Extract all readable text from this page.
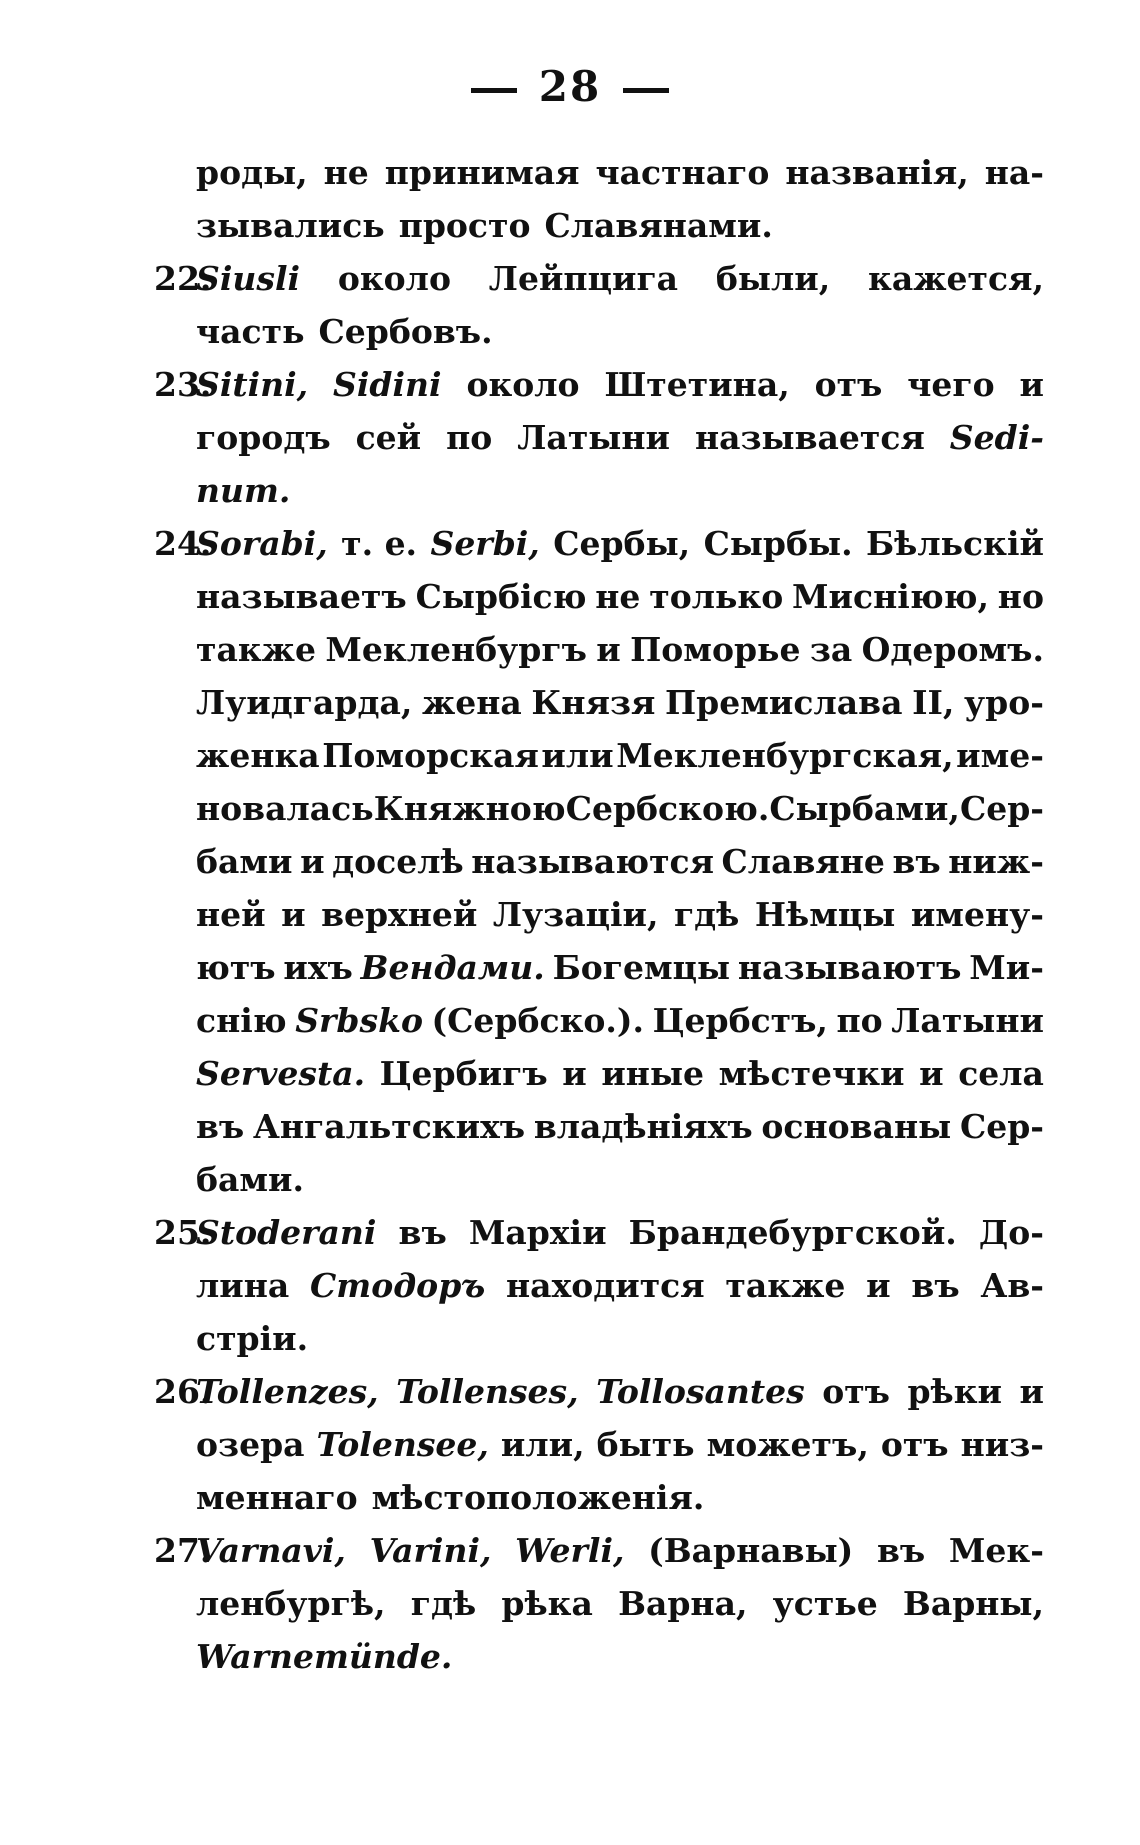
28
роды, не принимая частнаго названія, на-
зывались просто Славянами.
22.
Siusli около Лейпцига были, кажется,
часть Сербовъ.
23.
Sitini, Sidini около Штетина, отъ чего и
городъ сей по Латыни называется Sedi-
num.
24.
Sorabi, т. е. Serbi, Сербы, Сырбы. Бѣльскій
называетъ Сырбісю не только Мисніюю, но
также Мекленбургъ и Поморье за Одеромъ.
Луидгарда, жена Князя Премислава II, уро-
женка Поморская или Мекленбургская, име-
новалась Княжною Сербскою. Сырбами, Сер-
бами и доселѣ называются Славяне въ ниж-
ней и верхней Лузаціи, гдѣ Нѣмцы имену-
ютъ ихъ Вендами. Богемцы называютъ Ми-
снію Srbsko (Сербско.). Цербстъ, по Латыни
Servesta. Цербигъ и иные мѣстечки и села
въ Ангальтскихъ владѣніяхъ основаны Сер-
бами.
25.
Stoderani въ Мархіи Брандебургской. До-
лина Стодоръ находится также и въ Ав-
стріи.
26.
Tollenzes, Tollenses, Tollosantes отъ рѣки и
озера Tolensee, или, быть можетъ, отъ низ-
меннаго мѣстоположенія.
27.
Varnavi, Varini, Werli, (Варнавы) въ Мек-
ленбургѣ, гдѣ рѣка Варна, устье Варны,
Warnemünde.
